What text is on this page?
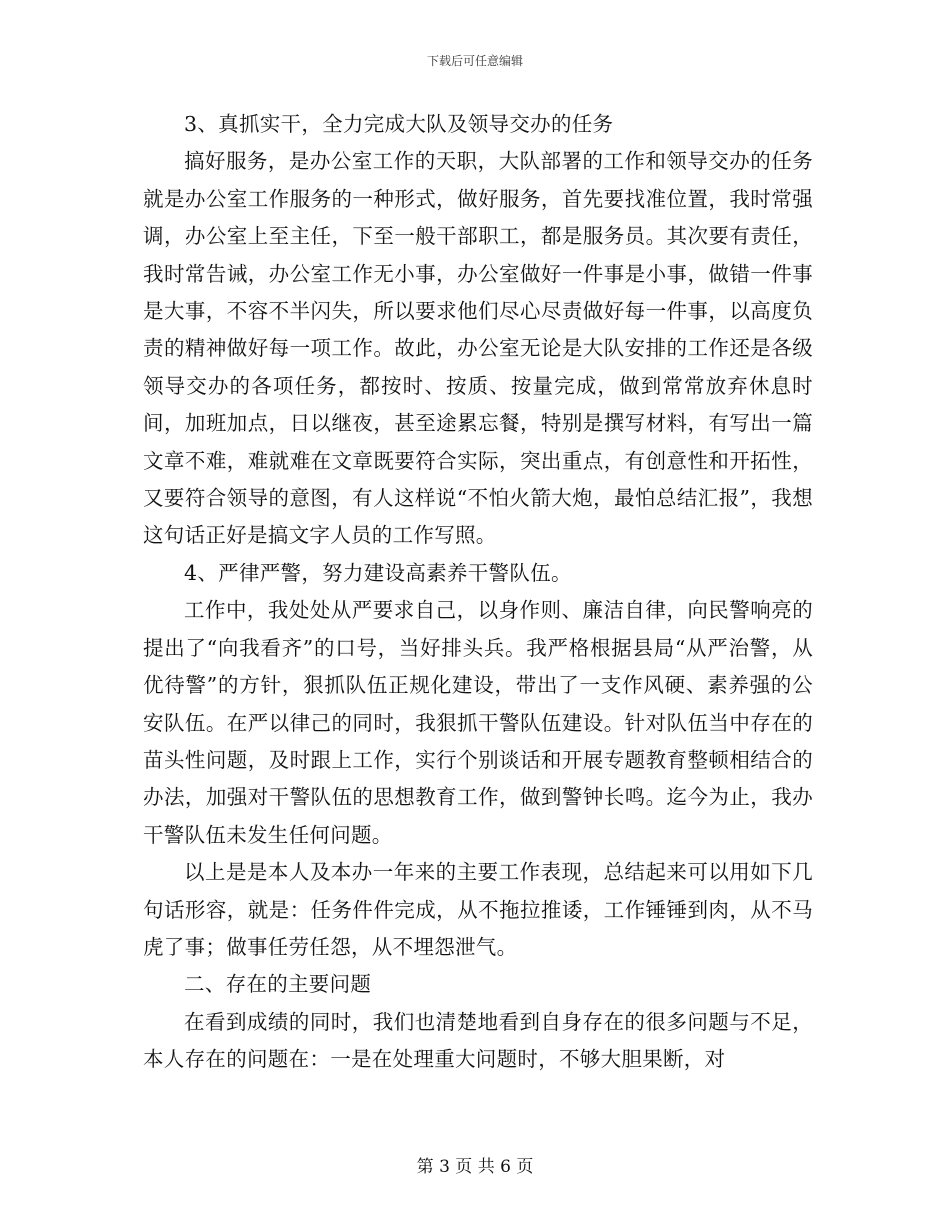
下载后可任意编辑

3、真抓实干，全力完成大队及领导交办的任务

搞好服务，是办公室工作的天职，大队部署的工作和领导交办的任务就是办公室工作服务的一种形式，做好服务，首先要找准位置，我时常强调，办公室上至主任，下至一般干部职工，都是服务员。其次要有责任，我时常告诫，办公室工作无小事，办公室做好一件事是小事，做错一件事是大事，不容不半闪失，所以要求他们尽心尽责做好每一件事，以高度负责的精神做好每一项工作。故此，办公室无论是大队安排的工作还是各级领导交办的各项任务，都按时、按质、按量完成，做到常常放弃休息时间，加班加点，日以继夜，甚至途累忘餐，特别是撰写材料，有写出一篇文章不难，难就难在文章既要符合实际，突出重点，有创意性和开拓性，又要符合领导的意图，有人这样说“不怕火箭大炮，最怕总结汇报”，我想这句话正好是搞文字人员的工作写照。

4、严律严警，努力建设高素养干警队伍。

工作中，我处处从严要求自己，以身作则、廉洁自律，向民警响亮的提出了“向我看齐”的口号，当好排头兵。我严格根据县局“从严治警，从优待警”的方针，狠抓队伍正规化建设，带出了一支作风硬、素养强的公安队伍。在严以律己的同时，我狠抓干警队伍建设。针对队伍当中存在的苗头性问题，及时跟上工作，实行个别谈话和开展专题教育整顿相结合的办法，加强对干警队伍的思想教育工作，做到警钟长鸣。迄今为止，我办干警队伍未发生任何问题。

以上是是本人及本办一年来的主要工作表现，总结起来可以用如下几句话形容，就是：任务件件完成，从不拖拉推诿，工作锤锤到肉，从不马虎了事；做事任劳任怨，从不埋怨泄气。

二、存在的主要问题

在看到成绩的同时，我们也清楚地看到自身存在的很多问题与不足，本人存在的问题在：一是在处理重大问题时，不够大胆果断，对

第 3 页 共 6 页
